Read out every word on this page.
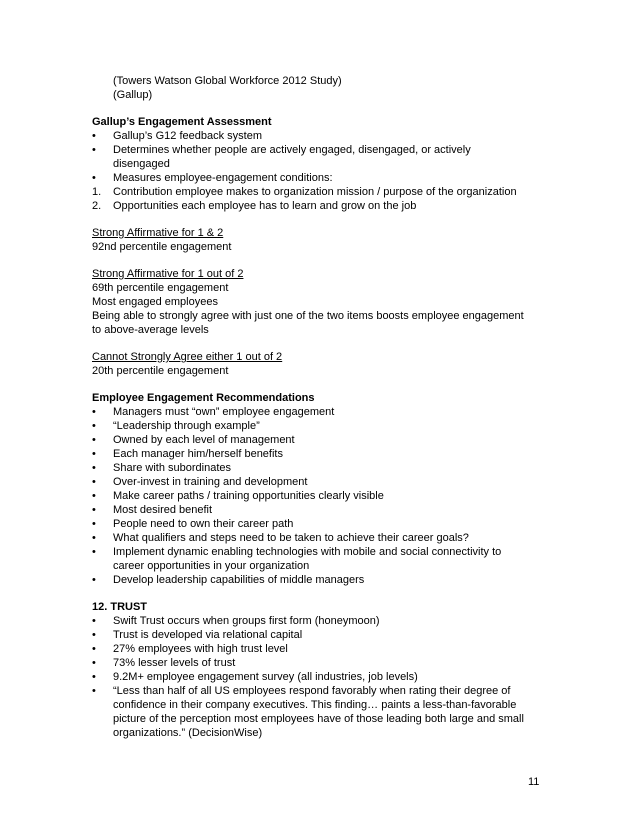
(Towers Watson Global Workforce 2012 Study)
(Gallup)
Gallup’s Engagement Assessment
•	Gallup’s G12 feedback system
•	Determines whether people are actively engaged, disengaged, or actively
disengaged
•	Measures employee-engagement conditions:
1.	Contribution employee makes to organization mission / purpose of the organization
2.	Opportunities each employee has to learn and grow on the job
Strong Affirmative for 1 & 2
92nd percentile engagement
Strong Affirmative for 1 out of 2
69th percentile engagement
Most engaged employees
Being able to strongly agree with just one of the two items boosts employee engagement
to above-average levels
Cannot Strongly Agree either 1 out of 2
20th percentile engagement
Employee Engagement Recommendations
•	Managers must “own” employee engagement
•	“Leadership through example”
•	Owned by each level of management
•	Each manager him/herself benefits
•	Share with subordinates
•	Over-invest in training and development
•	Make career paths / training opportunities clearly visible
•	Most desired benefit
•	People need to own their career path
•	What qualifiers and steps need to be taken to achieve their career goals?
•	Implement dynamic enabling technologies with mobile and social connectivity to
career opportunities in your organization
•	Develop leadership capabilities of middle managers
12. TRUST
•	Swift Trust occurs when groups first form (honeymoon)
•	Trust is developed via relational capital
•	27% employees with high trust level
•	73% lesser levels of trust
•	9.2M+ employee engagement survey (all industries, job levels)
•	“Less than half of all US employees respond favorably when rating their degree of
confidence in their company executives. This finding… paints a less-than-favorable
picture of the perception most employees have of those leading both large and small
organizations.” (DecisionWise)
11
